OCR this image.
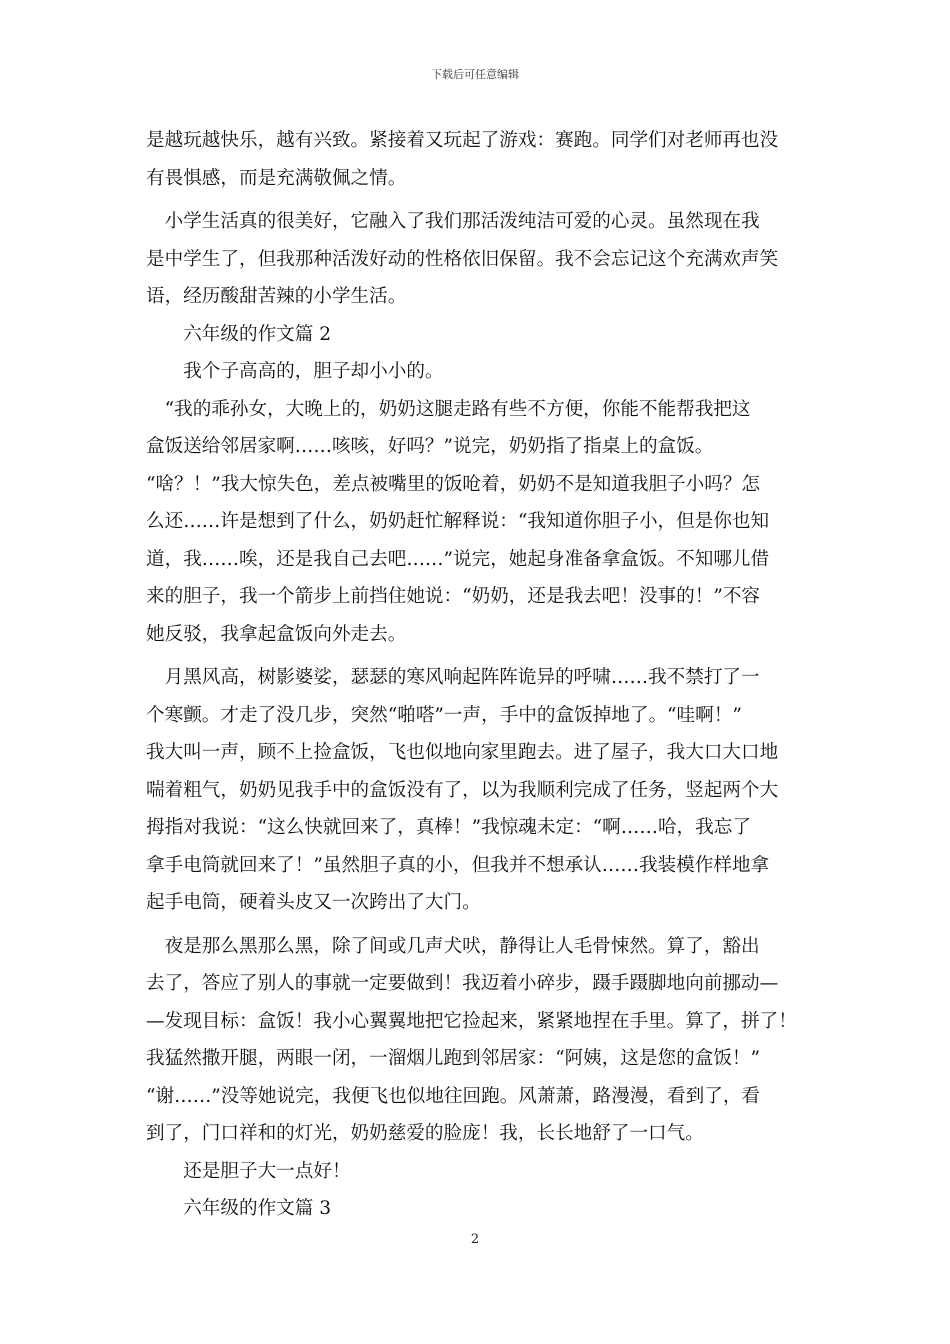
下载后可任意编辑
是越玩越快乐，越有兴致。紧接着又玩起了游戏：赛跑。同学们对老师再也没
有畏惧感，而是充满敬佩之情。
　小学生活真的很美好，它融入了我们那活泼纯洁可爱的心灵。虽然现在我
是中学生了，但我那种活泼好动的性格依旧保留。我不会忘记这个充满欢声笑
语，经历酸甜苦辣的小学生活。
　　六年级的作文篇 2
　　我个子高高的，胆子却小小的。
　“我的乖孙女，大晚上的，奶奶这腿走路有些不方便，你能不能帮我把这
盒饭送给邻居家啊……咳咳，好吗？”说完，奶奶指了指桌上的盒饭。
“啥？！”我大惊失色，差点被嘴里的饭呛着，奶奶不是知道我胆子小吗？怎
么还……许是想到了什么，奶奶赶忙解释说：“我知道你胆子小，但是你也知
道，我……唉，还是我自己去吧……”说完，她起身准备拿盒饭。不知哪儿借
来的胆子，我一个箭步上前挡住她说：“奶奶，还是我去吧！没事的！”不容
她反驳，我拿起盒饭向外走去。
　月黑风高，树影婆娑，瑟瑟的寒风响起阵阵诡异的呼啸……我不禁打了一
个寒颤。才走了没几步，突然“啪嗒”一声，手中的盒饭掉地了。“哇啊！”
我大叫一声，顾不上捡盒饭，飞也似地向家里跑去。进了屋子，我大口大口地
喘着粗气，奶奶见我手中的盒饭没有了，以为我顺利完成了任务，竖起两个大
拇指对我说：“这么快就回来了，真棒！”我惊魂未定：“啊……哈，我忘了
拿手电筒就回来了！”虽然胆子真的小，但我并不想承认……我装模作样地拿
起手电筒，硬着头皮又一次跨出了大门。
　夜是那么黑那么黑，除了间或几声犬吠，静得让人毛骨悚然。算了，豁出
去了，答应了别人的事就一定要做到！我迈着小碎步，蹑手蹑脚地向前挪动—
—发现目标：盒饭！我小心翼翼地把它捡起来，紧紧地捏在手里。算了，拼了！
我猛然撒开腿，两眼一闭，一溜烟儿跑到邻居家：“阿姨，这是您的盒饭！”
“谢……”没等她说完，我便飞也似地往回跑。风萧萧，路漫漫，看到了，看
到了，门口祥和的灯光，奶奶慈爱的脸庞！我，长长地舒了一口气。
　　还是胆子大一点好！
　　六年级的作文篇 3
2
